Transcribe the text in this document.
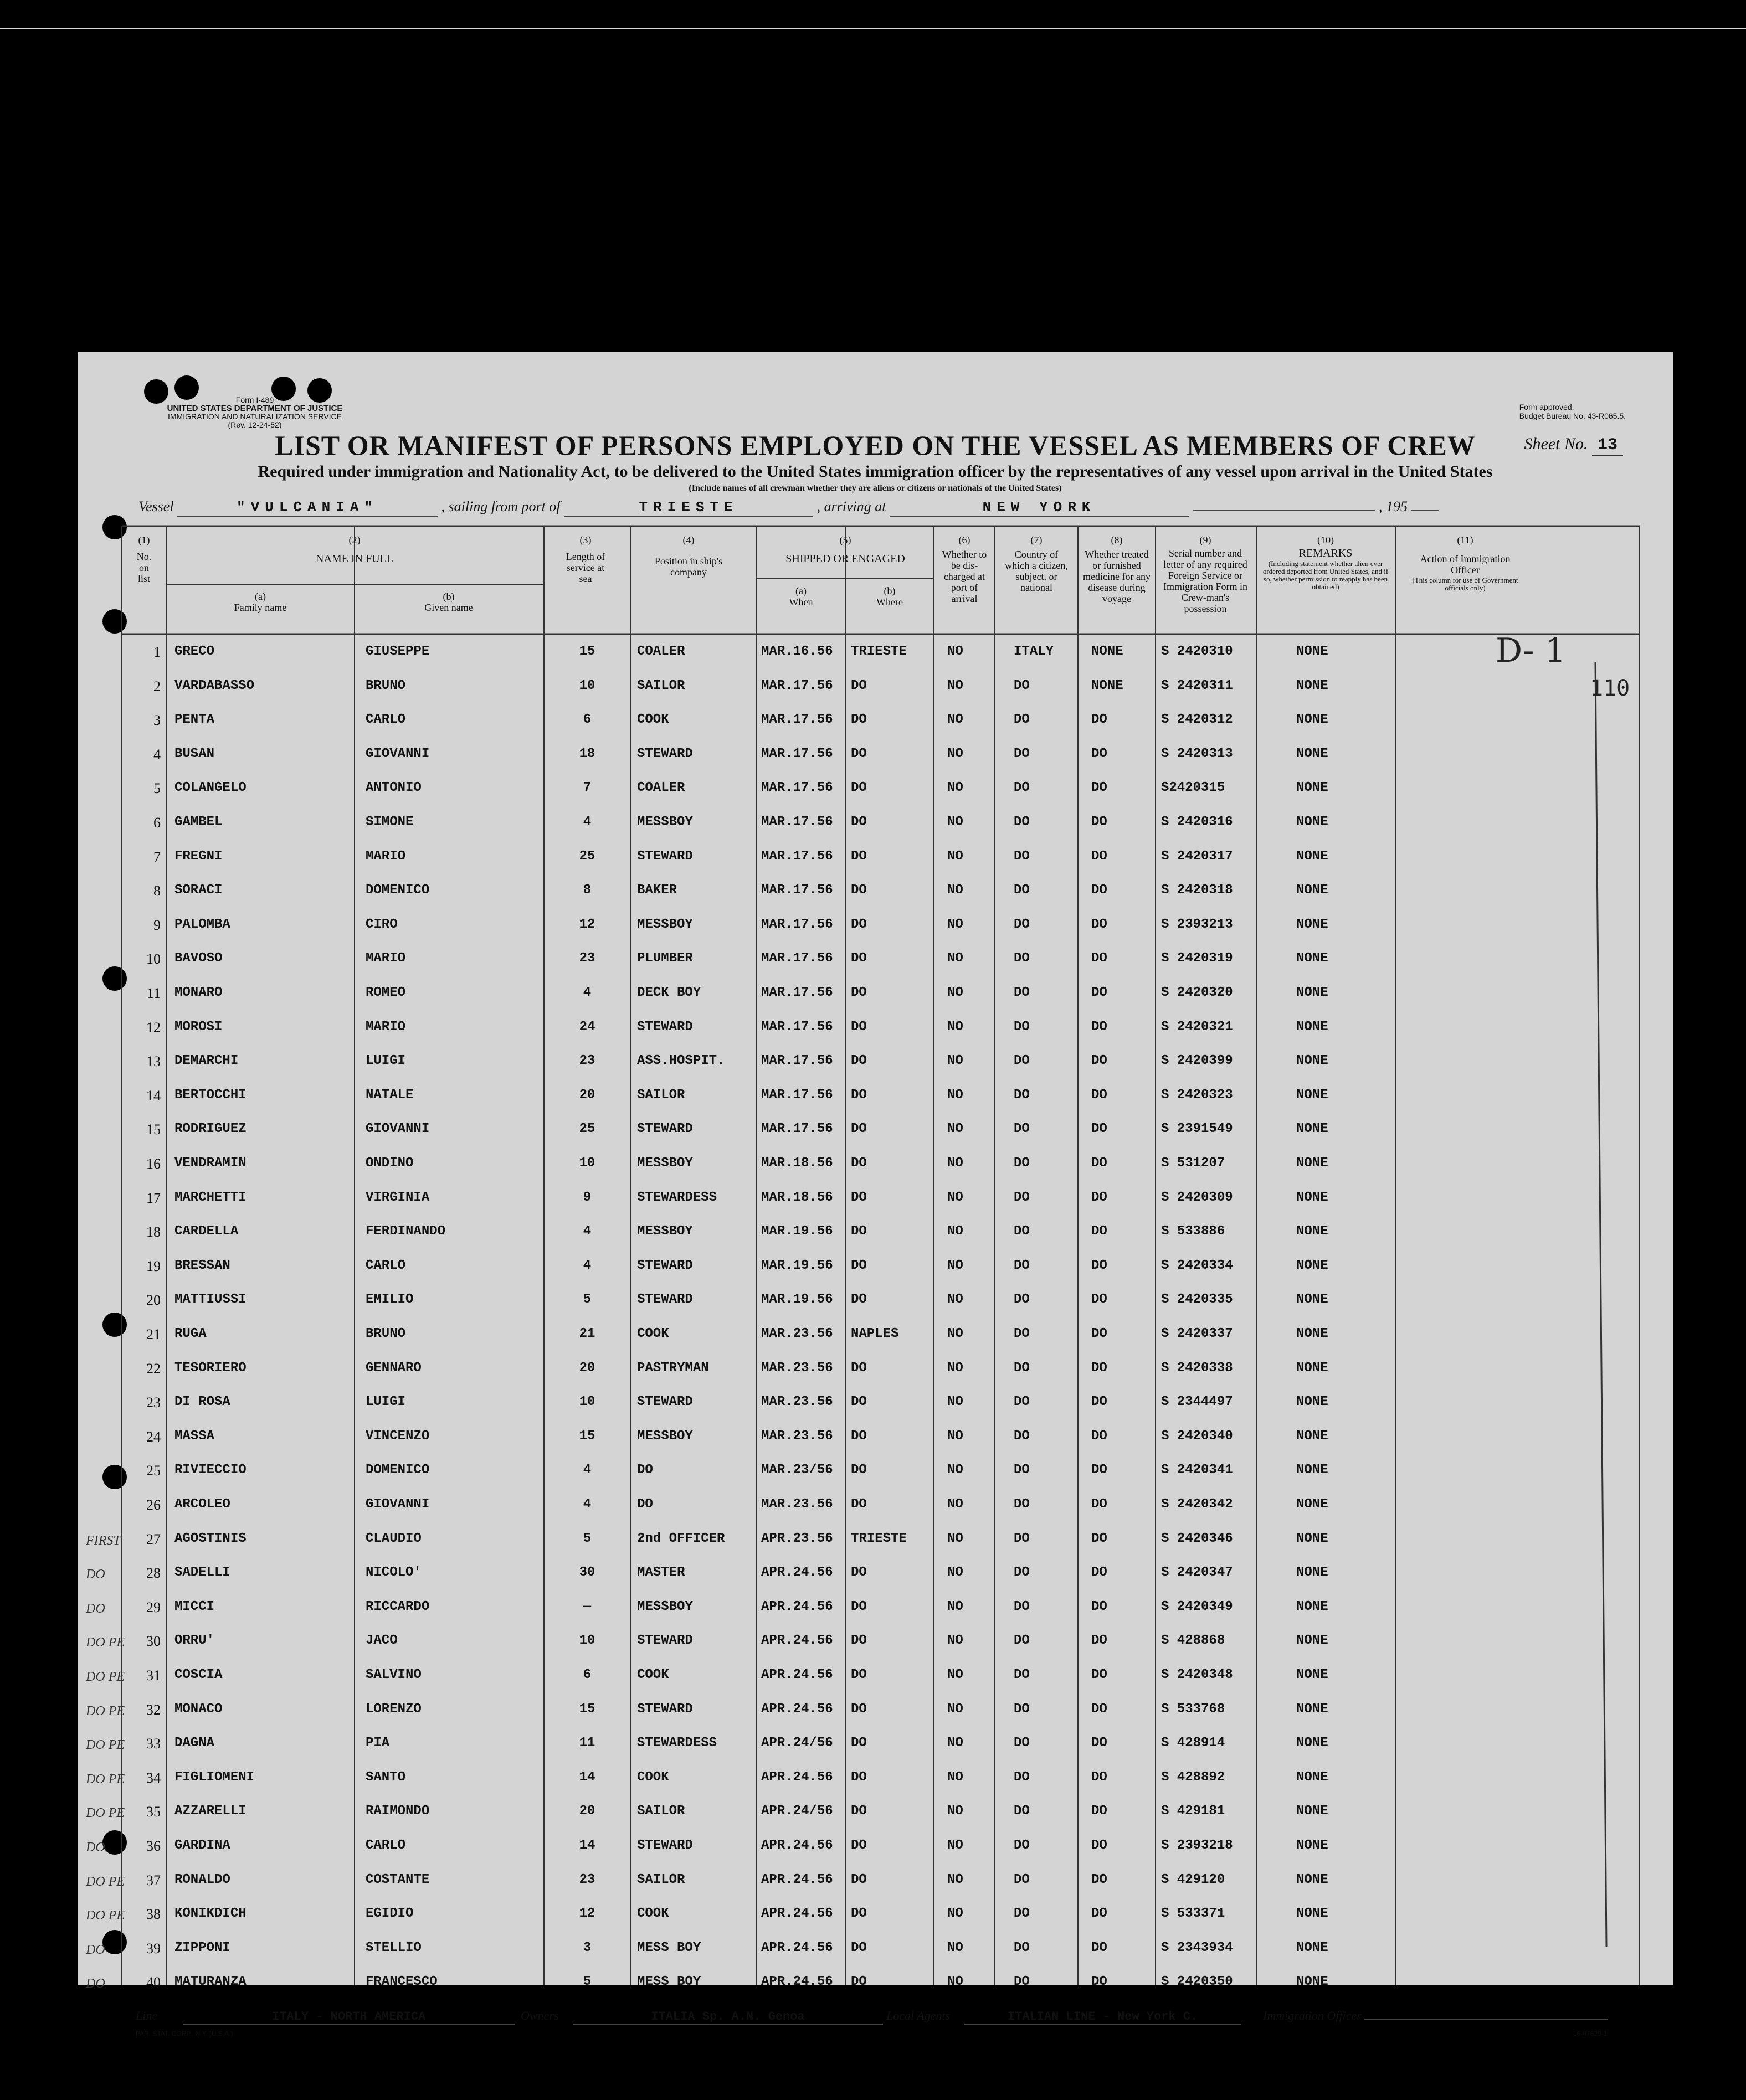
Form I-489
UNITED STATES DEPARTMENT OF JUSTICE
IMMIGRATION AND NATURALIZATION SERVICE
(Rev. 12-24-52)
Form approved.
Budget Bureau No. 43-R065.5.
LIST OR MANIFEST OF PERSONS EMPLOYED ON THE VESSEL AS MEMBERS OF CREW	Sheet No. 13
Required under immigration and Nationality Act, to be delivered to the United States immigration officer by the representatives of any vessel upon arrival in the United States
(Include names of all crewman whether they are aliens or citizens or nationals of the United States)
Vessel	"VULCANIA"	, sailing from port of	TRIESTE	, arriving at	NEW YORK	, 195
(1)
No. on list
(2)
NAME IN FULL
(a)
Family name
(b)
Given name
(3)
Length of service at sea
(4)
Position in ship's company
(5)
SHIPPED OR ENGAGED
(a)
When
(b)
Where
(6)
Whether to be dis-charged at port of arrival
(7)
Country of which a citizen, subject, or national
(8)
Whether treated or furnished medicine for any disease during voyage
(9)
Serial number and letter of any required Foreign Service or Immigration Form in Crew-man's possession
(10)
REMARKS
(Including statement whether alien ever ordered deported from United States, and if so, whether permission to reapply has been obtained)
(11)
Action of Immigration Officer
(This column for use of Government officials only)
1 GRECO	GIUSEPPE	15	COALER	MAR.16.56 TRIESTE	NO	ITALY	NONE	S 2420310	NONE
2 VARDABASSO	BRUNO	10	SAILOR	MAR.17.56 DO	NO	DO	NONE	S 2420311	NONE
3 PENTA	CARLO	6	COOK	MAR.17.56 DO	NO	DO	DO	S 2420312	NONE
4 BUSAN	GIOVANNI	18	STEWARD	MAR.17.56 DO	NO	DO	DO	S 2420313	NONE
5 COLANGELO	ANTONIO	7	COALER	MAR.17.56 DO	NO	DO	DO	S2420315	NONE
6 GAMBEL	SIMONE	4	MESSBOY	MAR.17.56 DO	NO	DO	DO	S 2420316	NONE
7 FREGNI	MARIO	25	STEWARD	MAR.17.56 DO	NO	DO	DO	S 2420317	NONE
8 SORACI	DOMENICO	8	BAKER	MAR.17.56 DO	NO	DO	DO	S 2420318	NONE
9 PALOMBA	CIRO	12	MESSBOY	MAR.17.56 DO	NO	DO	DO	S 2393213	NONE
10 BAVOSO	MARIO	23	PLUMBER	MAR.17.56 DO	NO	DO	DO	S 2420319	NONE
11 MONARO	ROMEO	4	DECK BOY	MAR.17.56 DO	NO	DO	DO	S 2420320	NONE
12 MOROSI	MARIO	24	STEWARD	MAR.17.56 DO	NO	DO	DO	S 2420321	NONE
13 DEMARCHI	LUIGI	23	ASS.HOSPIT.	MAR.17.56 DO	NO	DO	DO	S 2420399	NONE
14 BERTOCCHI	NATALE	20	SAILOR	MAR.17.56 DO	NO	DO	DO	S 2420323	NONE
15 RODRIGUEZ	GIOVANNI	25	STEWARD	MAR.17.56 DO	NO	DO	DO	S 2391549	NONE
16 VENDRAMIN	ONDINO	10	MESSBOY	MAR.18.56 DO	NO	DO	DO	S 531207	NONE
17 MARCHETTI	VIRGINIA	9	STEWARDESS	MAR.18.56 DO	NO	DO	DO	S 2420309	NONE
18 CARDELLA	FERDINANDO	4	MESSBOY	MAR.19.56 DO	NO	DO	DO	S 533886	NONE
19 BRESSAN	CARLO	4	STEWARD	MAR.19.56 DO	NO	DO	DO	S 2420334	NONE
20 MATTIUSSI	EMILIO	5	STEWARD	MAR.19.56 DO	NO	DO	DO	S 2420335	NONE
21 RUGA	BRUNO	21	COOK	MAR.23.56 NAPLES	NO	DO	DO	S 2420337	NONE
22 TESORIERO	GENNARO	20	PASTRYMAN	MAR.23.56 DO	NO	DO	DO	S 2420338	NONE
23 DI ROSA	LUIGI	10	STEWARD	MAR.23.56 DO	NO	DO	DO	S 2344497	NONE
24 MASSA	VINCENZO	15	MESSBOY	MAR.23.56 DO	NO	DO	DO	S 2420340	NONE
25 RIVIECCIO	DOMENICO	4	DO	MAR.23/56 DO	NO	DO	DO	S 2420341	NONE
26 ARCOLEO	GIOVANNI	4	DO	MAR.23.56 DO	NO	DO	DO	S 2420342	NONE
27 AGOSTINIS	CLAUDIO	5	2nd OFFICER	APR.23.56 TRIESTE	NO	DO	DO	S 2420346	NONE
FIRST
28 SADELLI	NICOLO'	30	MASTER	APR.24.56 DO	NO	DO	DO	S 2420347	NONE
DO
29 MICCI	RICCARDO	—	MESSBOY	APR.24.56 DO	NO	DO	DO	S 2420349	NONE
DO
30 ORRU'	JACO	10	STEWARD	APR.24.56 DO	NO	DO	DO	S 428868	NONE
DO PE
31 COSCIA	SALVINO	6	COOK	APR.24.56 DO	NO	DO	DO	S 2420348	NONE
DO PE
32 MONACO	LORENZO	15	STEWARD	APR.24.56 DO	NO	DO	DO	S 533768	NONE
DO PE
33 DAGNA	PIA	11	STEWARDESS	APR.24/56 DO	NO	DO	DO	S 428914	NONE
DO PE
34 FIGLIOMENI	SANTO	14	COOK	APR.24.56 DO	NO	DO	DO	S 428892	NONE
DO PE
35 AZZARELLI	RAIMONDO	20	SAILOR	APR.24/56 DO	NO	DO	DO	S 429181	NONE
DO PE
36 GARDINA	CARLO	14	STEWARD	APR.24.56 DO	NO	DO	DO	S 2393218	NONE
DO
37 RONALDO	COSTANTE	23	SAILOR	APR.24.56 DO	NO	DO	DO	S 429120	NONE
DO PE
38 KONIKDICH	EGIDIO	12	COOK	APR.24.56 DO	NO	DO	DO	S 533371	NONE
DO PE
39 ZIPPONI	STELLIO	3	MESS BOY	APR.24.56 DO	NO	DO	DO	S 2343934	NONE
DO
40 MATURANZA	FRANCESCO	5	MESS BOY	APR.24.56 DO	NO	DO	DO	S 2420350	NONE
DO
D- 1
110
Line	ITALY - NORTH AMERICA	Owners	ITALIA Sp. A.N. Genoa	Local Agents	ITALIAN LINE - New York C.	Immigration Officer
PAR. STAT. CORP., N.Y. (U.S.A.)	16-67629-1
